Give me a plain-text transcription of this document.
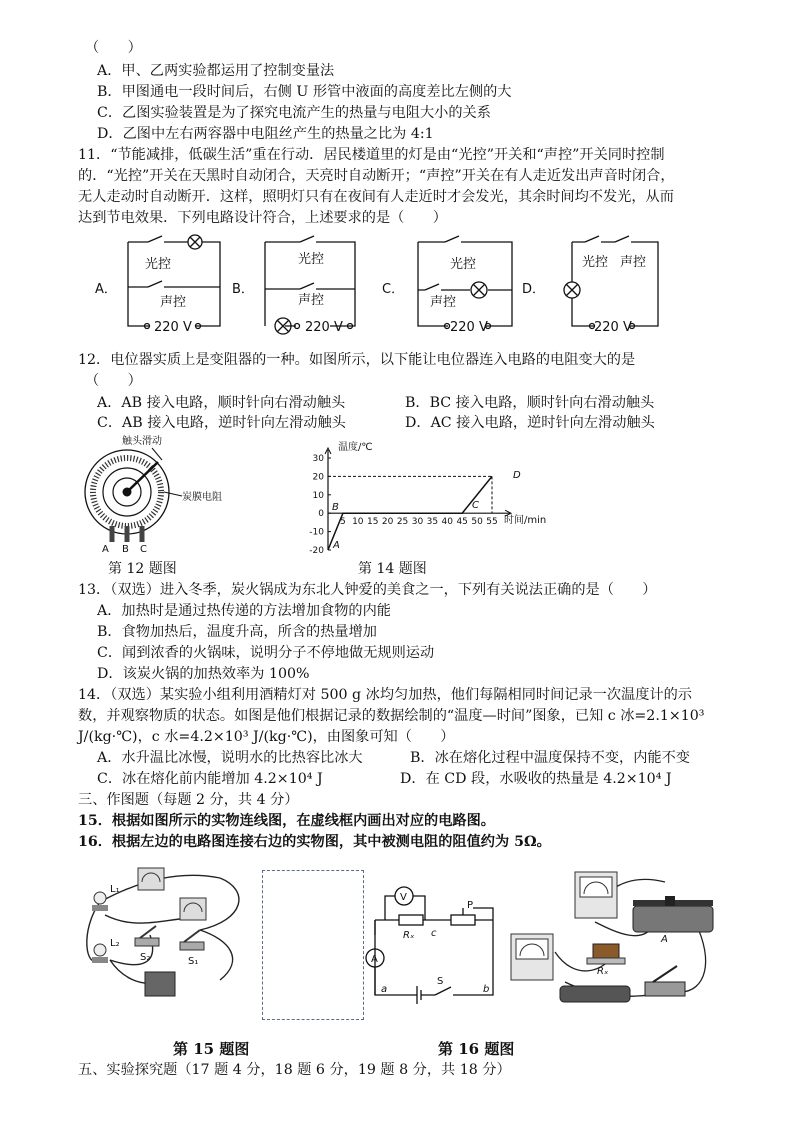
（　　）
A．甲、乙两实验都运用了控制变量法
B．甲图通电一段时间后，右侧 U 形管中液面的高度差比左侧的大
C．乙图实验装置是为了探究电流产生的热量与电阻大小的关系
D．乙图中左右两容器中电阻丝产生的热量之比为 4:1
11．“节能减排，低碳生活”重在行动．居民楼道里的灯是由“光控”开关和“声控”开关同时控制
的．“光控”开关在天黑时自动闭合，天亮时自动断开；“声控”开关在有人走近发出声音时闭合，
无人走动时自动断开．这样，照明灯只有在夜间有人走近时才会发光，其余时间均不发光，从而
达到节电效果．下列电路设计符合，上述要求的是（　　）
A．
光控
声控
220 V
B．
光控
声控
220 V
C．
光控
声控
220 V
D．
光控 声控
220 V
12．电位器实质上是变阻器的一种。如图所示，以下能让电位器连入电路的电阻变大的是
（　　）
A．AB 接入电路，顺时针向右滑动触头	B．BC 接入电路，顺时针向右滑动触头
C．AB 接入电路，逆时针向左滑动触头	D．AC 接入电路，逆时针向左滑动触头
触头滑动
炭膜电阻
A B C
第 12 题图
30
20
10
0
-10
-20
5 10 15 20 25 30 35 40 45 50 55
温度/℃
时间/min
A
B	C
D
第 14 题图
13．（双选）进入冬季，炭火锅成为东北人钟爱的美食之一，下列有关说法正确的是（　　）
A．加热时是通过热传递的方法增加食物的内能
B．食物加热后，温度升高，所含的热量增加
C．闻到浓香的火锅味，说明分子不停地做无规则运动
D．该炭火锅的加热效率为 100%
14．（双选）某实验小组利用酒精灯对 500 g 冰均匀加热，他们每隔相同时间记录一次温度计的示
数，并观察物质的状态。如图是他们根据记录的数据绘制的“温度—时间”图象，已知 c 冰=2.1×10³
J/(kg·℃)，c 水=4.2×10³ J/(kg·℃)，由图象可知（　　）
A．水升温比冰慢，说明水的比热容比冰大	B．冰在熔化过程中温度保持不变，内能不变
C．冰在熔化前内能增加 4.2×10⁴ J	D．在 CD 段，水吸收的热量是 4.2×10⁴ J
三、作图题（每题 2 分，共 4 分）
15．根据如图所示的实物连线图，在虚线框内画出对应的电路图。
16．根据左边的电路图连接右边的实物图，其中被测电阻的阻值约为 5Ω。
L₁
L₂
S₂	S₁
V
A
Rₓ
P
S
a	b
c
A
Rₓ
第 15 题图	第 16 题图
五、实验探究题（17 题 4 分，18 题 6 分，19 题 8 分，共 18 分）
